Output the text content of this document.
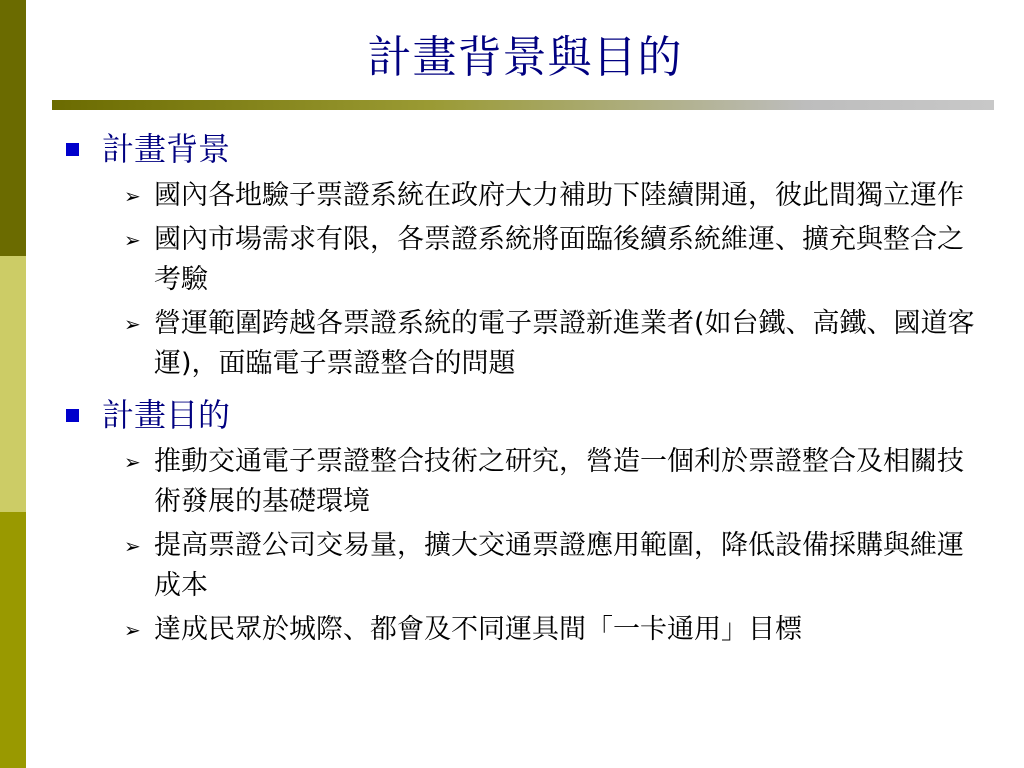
計畫背景與目的
計畫背景
➢ 國內各地驗子票證系統在政府大力補助下陸續開通，彼此間獨立運作
➢ 國內市場需求有限，各票證系統將面臨後續系統維運、擴充與整合之考驗
➢ 營運範圍跨越各票證系統的電子票證新進業者(如台鐵、高鐵、國道客運)，面臨電子票證整合的問題
計畫目的
➢ 推動交通電子票證整合技術之研究，營造一個利於票證整合及相關技術發展的基礎環境
➢ 提高票證公司交易量，擴大交通票證應用範圍，降低設備採購與維運成本
➢ 達成民眾於城際、都會及不同運具間「一卡通用」目標
